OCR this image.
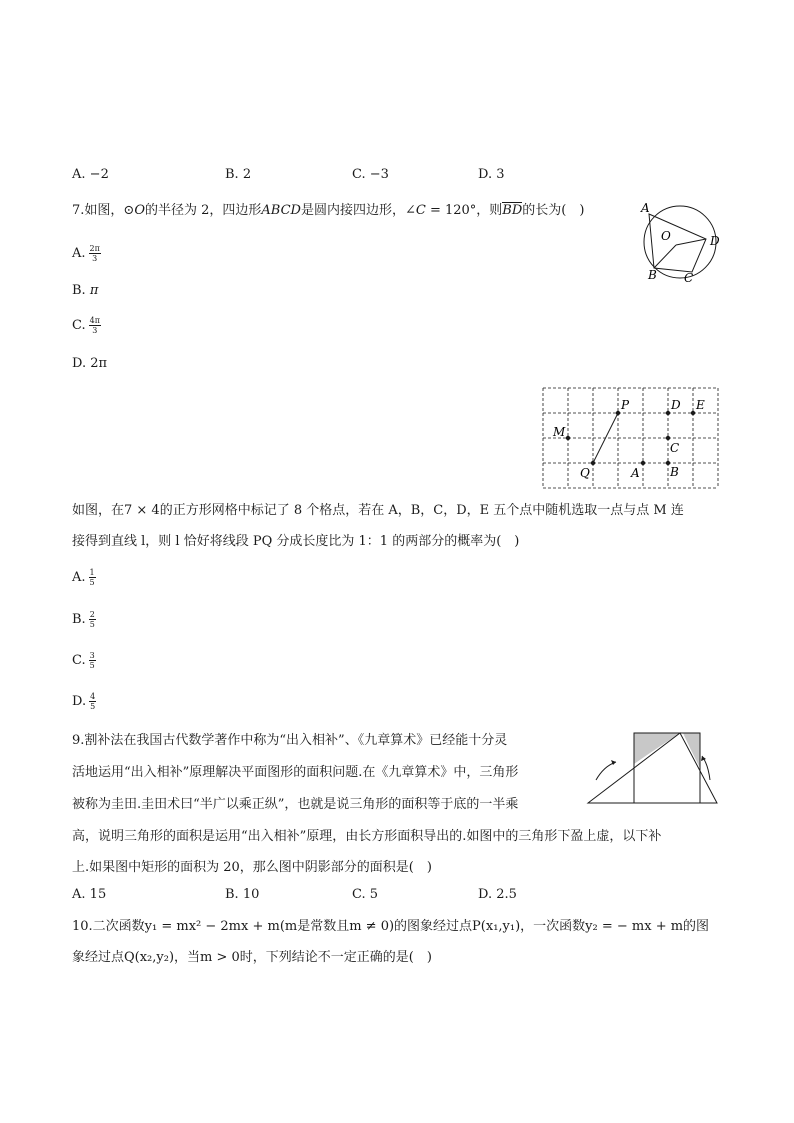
A. −2	B. 2	C. −3	D. 3
7.如图，⊙O的半径为 2，四边形ABCD是圆内接四边形，∠C = 120°，则BD的长为(　)
A. $\frac{2\pi}{3}$
B. π
C. $\frac{4\pi}{3}$
D. 2π
A
O	D
B C
P
Q
M
A	B
C
D E
如图，在7 × 4的正方形网格中标记了 8 个格点，若在 A，B，C，D，E 五个点中随机选取一点与点 M 连
接得到直线 l，则 l 恰好将线段 PQ 分成长度比为 1：1 的两部分的概率为(　)
A. $\frac{1}{5}$
B. $\frac{2}{5}$
C. $\frac{3}{5}$
D. $\frac{4}{5}$
9.割补法在我国古代数学著作中称为“出入相补”、《九章算术》已经能十分灵
活地运用“出入相补”原理解决平面图形的面积问题.在《九章算术》中，三角形
被称为圭田.圭田术曰“半广以乘正纵”，也就是说三角形的面积等于底的一半乘
高，说明三角形的面积是运用“出入相补”原理，由长方形面积导出的.如图中的三角形下盈上虚，以下补
上.如果图中矩形的面积为 20，那么图中阴影部分的面积是(　)
A. 15	B. 10	C. 5	D. 2.5
10.二次函数y₁ = mx² − 2mx + m(m是常数且m ≠ 0)的图象经过点P(x₁,y₁)，一次函数y₂ = − mx + m的图
象经过点Q(x₂,y₂)，当m > 0时，下列结论不一定正确的是(　)
